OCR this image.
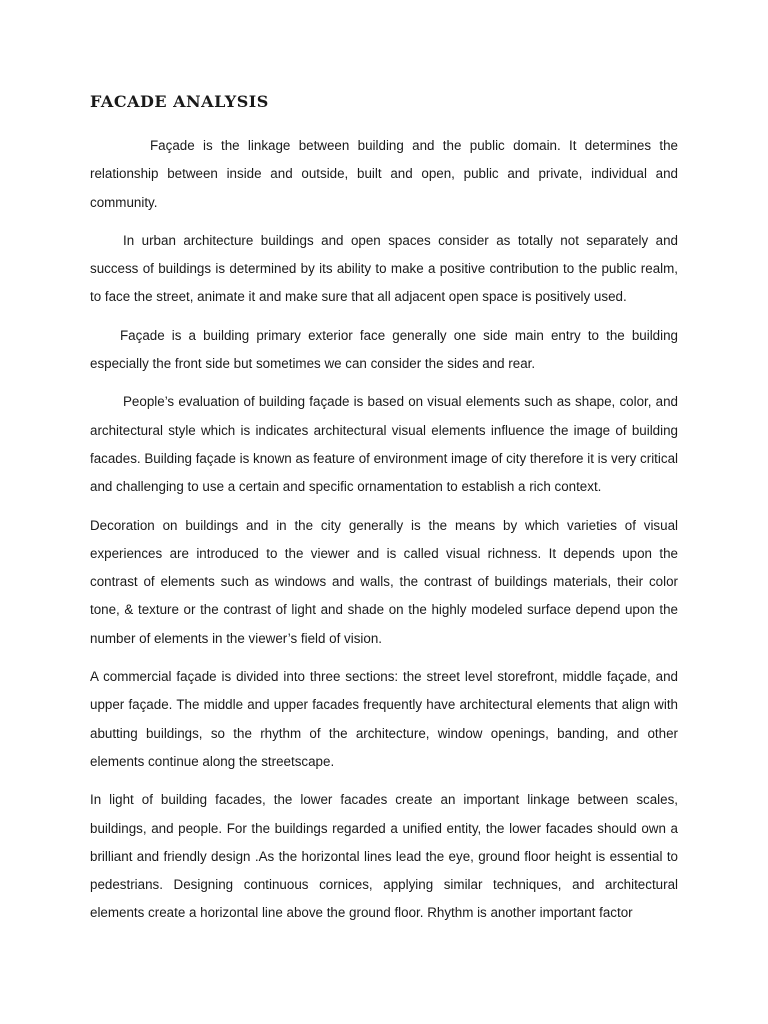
FACADE ANALYSIS

Façade is the linkage between building and the public domain. It determines the relationship between inside and outside, built and open, public and private, individual and community.

In urban architecture buildings and open spaces consider as totally not separately and success of buildings is determined by its ability to make a positive contribution to the public realm, to face the street, animate it and make sure that all adjacent open space is positively used.

Façade is a building primary exterior face generally one side main entry to the building especially the front side but sometimes we can consider the sides and rear.

People’s evaluation of building façade is based on visual elements such as shape, color, and architectural style which is indicates architectural visual elements influence the image of building facades. Building façade is known as feature of environment image of city therefore it is very critical and challenging to use a certain and specific ornamentation to establish a rich context.

Decoration on buildings and in the city generally is the means by which varieties of visual experiences are introduced to the viewer and is called visual richness. It depends upon the contrast of elements such as windows and walls, the contrast of buildings materials, their color tone, & texture or the contrast of light and shade on the highly modeled surface depend upon the number of elements in the viewer’s field of vision.

A commercial façade is divided into three sections: the street level storefront, middle façade, and upper façade. The middle and upper facades frequently have architectural elements that align with abutting buildings, so the rhythm of the architecture, window openings, banding, and other elements continue along the streetscape.

In light of building facades, the lower facades create an important linkage between scales, buildings, and people. For the buildings regarded a unified entity, the lower facades should own a brilliant and friendly design .As the horizontal lines lead the eye, ground floor height is essential to pedestrians. Designing continuous cornices, applying similar techniques, and architectural elements create a horizontal line above the ground floor. Rhythm is another important factor
